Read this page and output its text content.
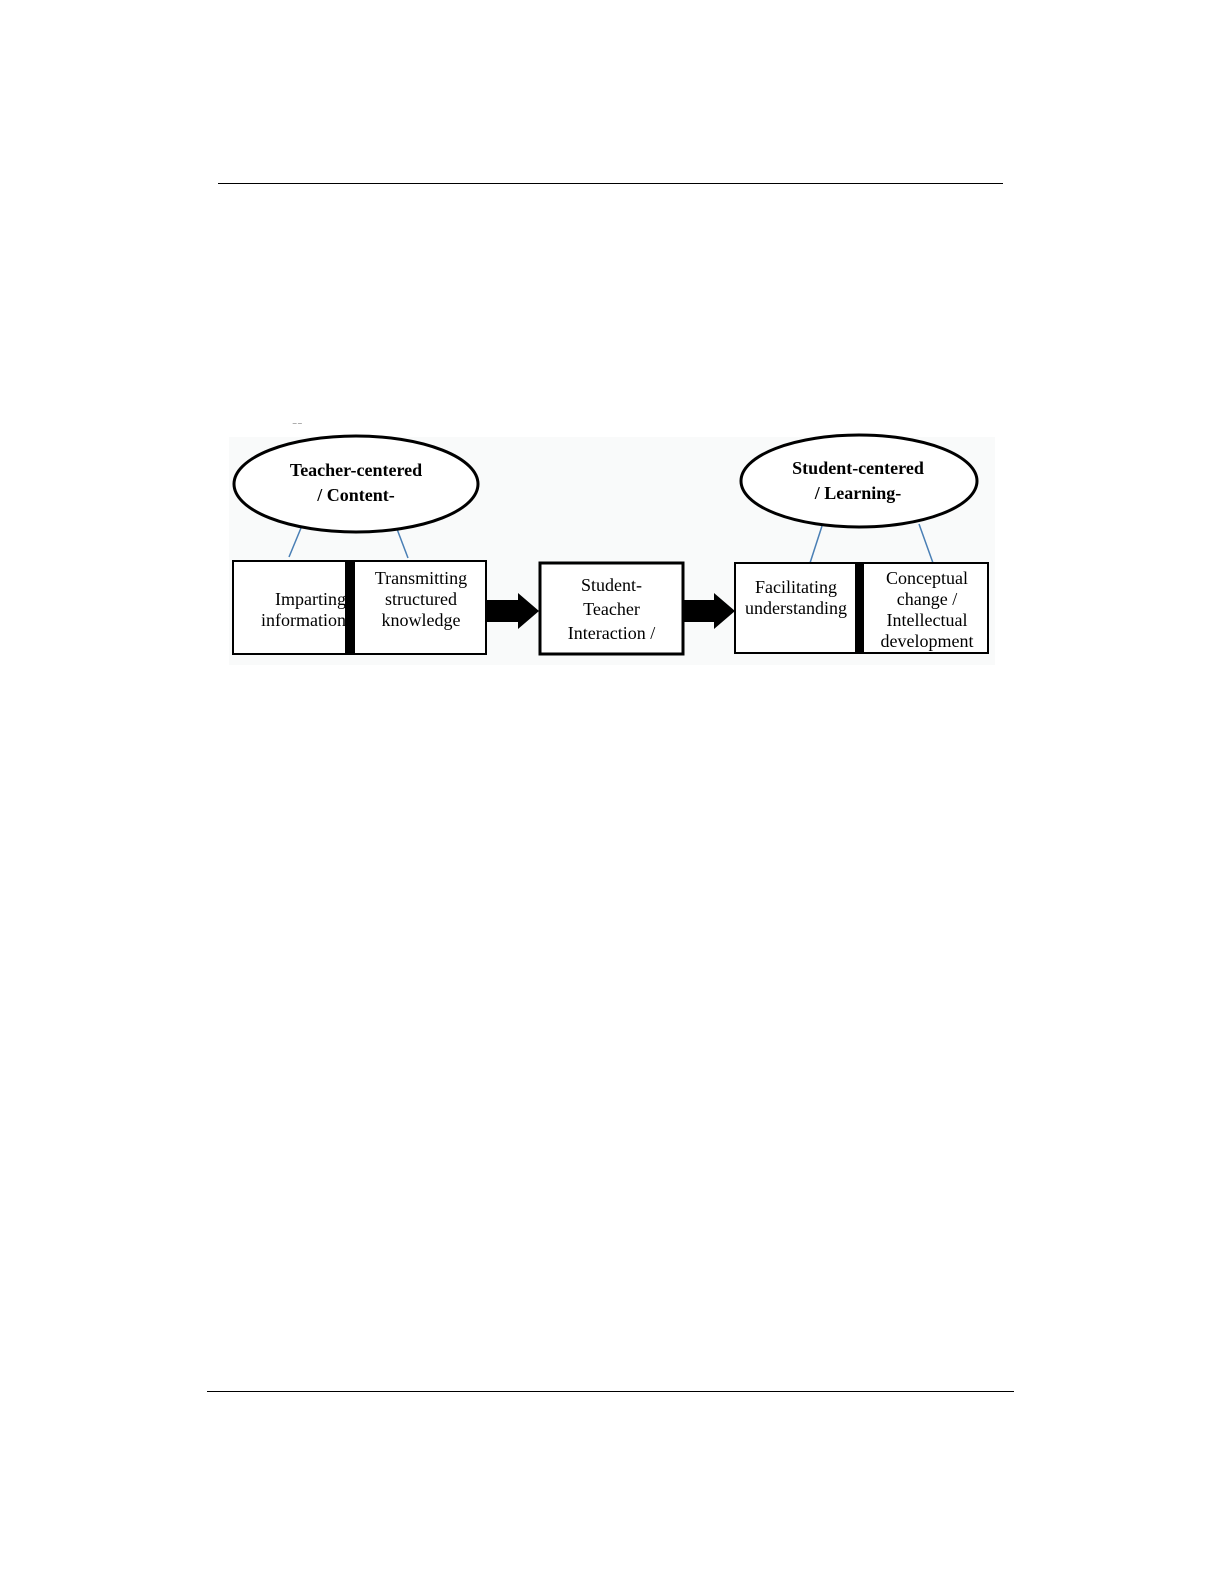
⁻⁻
Teacher-centered
/ Content-
Student-centered
/ Learning-
Imparting
information
Transmitting
structured
knowledge
Student-
Teacher
Interaction /
Facilitating
understanding
Conceptual
change /
Intellectual
development
